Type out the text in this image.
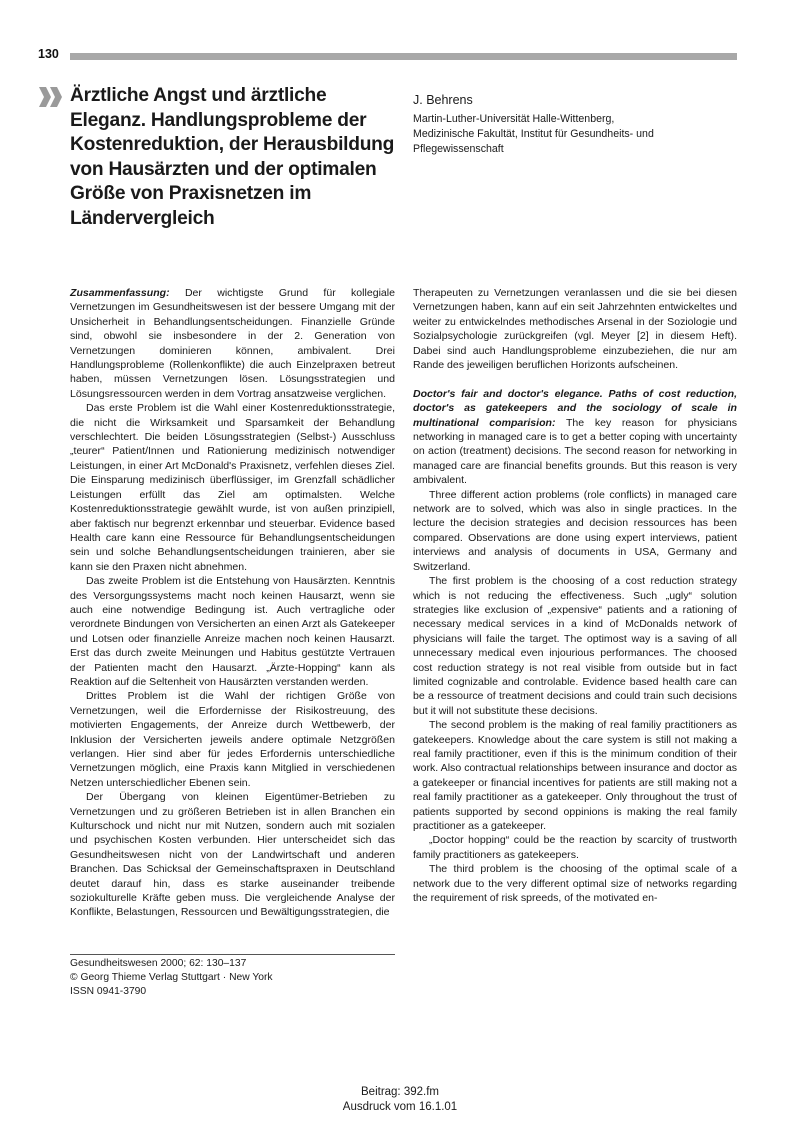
130
Ärztliche Angst und ärztliche Eleganz. Handlungsprobleme der Kostenreduktion, der Herausbildung von Hausärzten und der optimalen Größe von Praxisnetzen im Ländervergleich
J. Behrens
Martin-Luther-Universität Halle-Wittenberg,
Medizinische Fakultät, Institut für Gesundheits- und
Pflegewissenschaft

Zusammenfassung: Der wichtigste Grund für kollegiale Vernetzungen im Gesundheitswesen ist der bessere Umgang mit der Unsicherheit in Behandlungsentscheidungen. Finanzielle Gründe sind, obwohl sie insbesondere in der 2. Generation von Vernetzungen dominieren können, ambivalent. Drei Handlungsprobleme (Rollenkonflikte) die auch Einzelpraxen betreut haben, müssen Vernetzungen lösen. Lösungsstrategien und Lösungsressourcen werden in dem Vortrag ansatzweise verglichen.

Das erste Problem ist die Wahl einer Kostenreduktionsstrategie, die nicht die Wirksamkeit und Sparsamkeit der Behandlung verschlechtert. Die beiden Lösungsstrategien (Selbst-) Ausschluss „teurer“ Patient/Innen und Rationierung medizinisch notwendiger Leistungen, in einer Art McDonald's Praxisnetz, verfehlen dieses Ziel. Die Einsparung medizinisch überflüssiger, im Grenzfall schädlicher Leistungen erfüllt das Ziel am optimalsten. Welche Kostenreduktionsstrategie gewählt wurde, ist von außen prinzipiell, aber faktisch nur begrenzt erkennbar und steuerbar. Evidence based Health care kann eine Ressource für Behandlungsentscheidungen sein und solche Behandlungsentscheidungen trainieren, aber sie kann sie den Praxen nicht abnehmen.

Das zweite Problem ist die Entstehung von Hausärzten. Kenntnis des Versorgungssystems macht noch keinen Hausarzt, wenn sie auch eine notwendige Bedingung ist. Auch vertragliche oder verordnete Bindungen von Versicherten an einen Arzt als Gatekeeper und Lotsen oder finanzielle Anreize machen noch keinen Hausarzt. Erst das durch zweite Meinungen und Habitus gestützte Vertrauen der Patienten macht den Hausarzt. „Ärzte-Hopping“ kann als Reaktion auf die Seltenheit von Hausärzten verstanden werden.

Drittes Problem ist die Wahl der richtigen Größe von Vernetzungen, weil die Erfordernisse der Risikostreuung, des motivierten Engagements, der Anreize durch Wettbewerb, der Inklusion der Versicherten jeweils andere optimale Netzgrößen verlangen. Hier sind aber für jedes Erfordernis unterschiedliche Vernetzungen möglich, eine Praxis kann Mitglied in verschiedenen Netzen unterschiedlicher Ebenen sein.

Der Übergang von kleinen Eigentümer-Betrieben zu Vernetzungen und zu größeren Betrieben ist in allen Branchen ein Kulturschock und nicht nur mit Nutzen, sondern auch mit sozialen und psychischen Kosten verbunden. Hier unterscheidet sich das Gesundheitswesen nicht von der Landwirtschaft und anderen Branchen. Das Schicksal der Gemeinschaftspraxen in Deutschland deutet darauf hin, dass es starke auseinander treibende soziokulturelle Kräfte geben muss. Die vergleichende Analyse der Konflikte, Belastungen, Ressourcen und Bewältigungsstrategien, die

Therapeuten zu Vernetzungen veranlassen und die sie bei diesen Vernetzungen haben, kann auf ein seit Jahrzehnten entwickeltes und weiter zu entwickelndes methodisches Arsenal in der Soziologie und Sozialpsychologie zurückgreifen (vgl. Meyer [2] in diesem Heft). Dabei sind auch Handlungsprobleme einzubeziehen, die nur am Rande des jeweiligen beruflichen Horizonts aufscheinen.

Doctor's fair and doctor's elegance. Paths of cost reduction, doctor's as gatekeepers and the sociology of scale in multinational comparision: The key reason for physicians networking in managed care is to get a better coping with uncertainty on action (treatment) decisions. The second reason for networking in managed care are financial benefits grounds. But this reason is very ambivalent.

Three different action problems (role conflicts) in managed care network are to solved, which was also in single practices. In the lecture the decision strategies and decision ressources has been compared. Observations are done using expert interviews, patient interviews and analysis of documents in USA, Germany and Switzerland.

The first problem is the choosing of a cost reduction strategy which is not reducing the effectiveness. Such „ugly“ solution strategies like exclusion of „expensive“ patients and a rationing of necessary medical services in a kind of McDonalds network of physicians will faile the target. The optimost way is a saving of all unnecessary medical even injourious performances. The choosed cost reduction strategy is not real visible from outside but in fact limited cognizable and controlable. Evidence based health care can be a ressource of treatment decisions and could train such decisions but it will not substitute these decisions.

The second problem is the making of real familiy practitioners as gatekeepers. Knowledge about the care system is still not making a real family practitioner, even if this is the minimum condition of their work. Also contractual relationships between insurance and doctor as a gatekeeper or financial incentives for patients are still making not a real family practitioner as a gatekeeper. Only throughout the trust of patients supported by second oppinions is making the real family practitioner as a gatekeeper.

„Doctor hopping“ could be the reaction by scarcity of trustworth family practitioners as gatekeepers.

The third problem is the choosing of the optimal scale of a network due to the very different optimal size of networks regarding the requirement of risk spreeds, of the motivated en-

Gesundheitswesen 2000; 62: 130–137
© Georg Thieme Verlag Stuttgart · New York
ISSN 0941-3790
Beitrag: 392.fm
Ausdruck vom 16.1.01
